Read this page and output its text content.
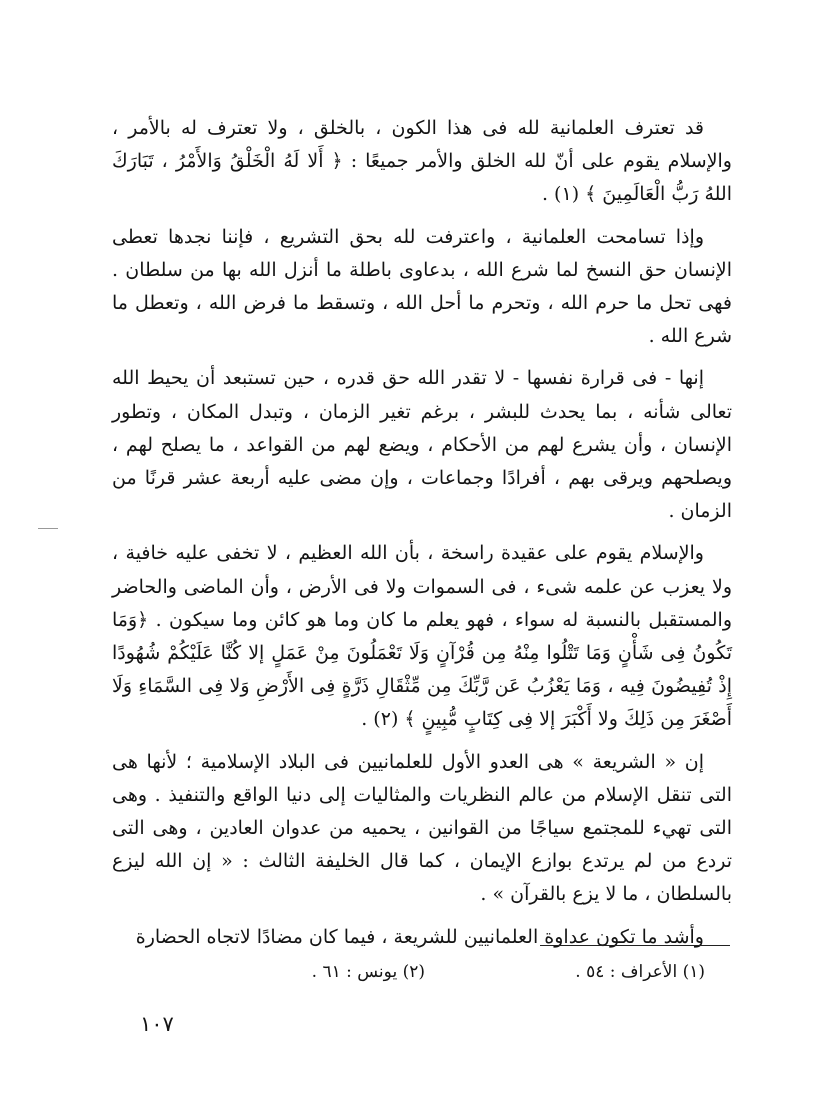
قد تعترف العلمانية لله فى هذا الكون ، بالخلق ، ولا تعترف له بالأمر ، والإسلام يقوم على أنّ لله الخلق والأمر جميعًا : ﴿ أَلا لَهُ الْخَلْقُ وَالأَمْرُ ، تَبَارَكَ اللهُ رَبُّ الْعَالَمِينَ ﴾ (١) .

وإذا تسامحت العلمانية ، واعترفت لله بحق التشريع ، فإننا نجدها تعطى الإنسان حق النسخ لما شرع الله ، بدعاوى باطلة ما أنزل الله بها من سلطان . فهى تحل ما حرم الله ، وتحرم ما أحل الله ، وتسقط ما فرض الله ، وتعطل ما شرع الله .

إنها - فى قرارة نفسها - لا تقدر الله حق قدره ، حين تستبعد أن يحيط الله تعالى شأنه ، بما يحدث للبشر ، برغم تغير الزمان ، وتبدل المكان ، وتطور الإنسان ، وأن يشرع لهم من الأحكام ، ويضع لهم من القواعد ، ما يصلح لهم ، ويصلحهم ويرقى بهم ، أفرادًا وجماعات ، وإن مضى عليه أربعة عشر قرنًا من الزمان .

والإسلام يقوم على عقيدة راسخة ، بأن الله العظيم ، لا تخفى عليه خافية ، ولا يعزب عن علمه شىء ، فى السموات ولا فى الأرض ، وأن الماضى والحاضر والمستقبل بالنسبة له سواء ، فهو يعلم ما كان وما هو كائن وما سيكون . ﴿وَمَا تَكُونُ فِى شَأْنٍ وَمَا تَتْلُوا مِنْهُ مِن قُرْآنٍ وَلَا تَعْمَلُونَ مِنْ عَمَلٍ إلا كُنَّا عَلَيْكُمْ شُهُودًا إِذْ تُفِيضُونَ فِيه ، وَمَا يَعْزُبُ عَن رَّبِّكَ مِن مِّثْقَالِ ذَرَّةٍ فِى الأَرْضِ وَلا فِى السَّمَاءِ وَلَا أَصْغَرَ مِن ذَلِكَ ولا أَكْبَرَ إلا فِى كِتَابٍ مُّبِينٍ ﴾ (٢) .

إن « الشريعة » هى العدو الأول للعلمانيين فى البلاد الإسلامية ؛ لأنها هى التى تنقل الإسلام من عالم النظريات والمثاليات إلى دنيا الواقع والتنفيذ . وهى التى تهيء للمجتمع سياجًا من القوانين ، يحميه من عدوان العادين ، وهى التى تردع من لم يرتدع بوازع الإيمان ، كما قال الخليفة الثالث : « إن الله ليزع بالسلطان ، ما لا يزع بالقرآن » .

وأشد ما تكون عداوة العلمانيين للشريعة ، فيما كان مضادًا لاتجاه الحضارة

(١) الأعراف : ٥٤ .
(٢) يونس : ٦١ .
١٠٧
